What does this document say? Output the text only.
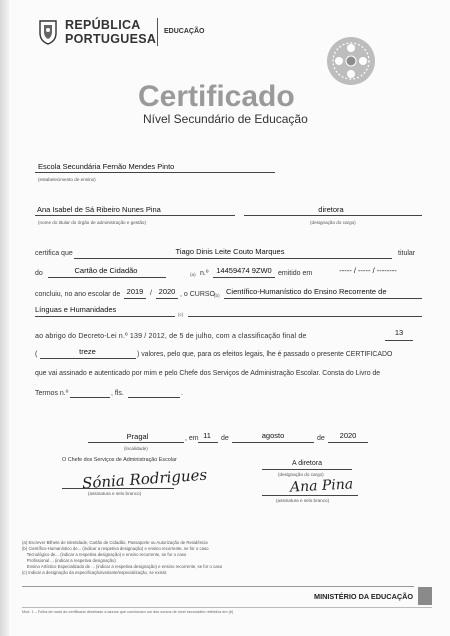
REPÚBLICA
PORTUGUESA
EDUCAÇÃO
Certificado
Nível Secundário de Educação
Escola Secundária Fernão Mendes Pinto
(estabelecimento de ensino)
Ana Isabel de Sá Ribeiro Nunes Pina
(nome do titular do órgão de administração e gestão)
diretora
(designação do cargo)
certifica que	Tiago Dinis Leite Couto Marques	titular
do	Cartão de Cidadão	(a) n.º	14459474 9ZW0 emitido em	----- / ----- / --------
concluiu, no ano escolar de 2019 / 2020 , o CURSO
(b) Científico-Humanístico do Ensino Recorrente de
Línguas e Humanidades
(c)
ao abrigo do Decreto-Lei n.º 139 / 2012, de 5 de julho, com a classificação final de	13
(	treze	) valores, pelo que, para os efeitos legais, lhe é passado o presente CERTIFICADO
que vai assinado e autenticado por mim e pelo Chefe dos Serviços de Administração Escolar. Consta do Livro de
Termos n.º	, fls.	.
Pragal
(localidade)
, em 11	de	agosto	de	2020
O Chefe dos Serviços de Administração Escolar
Sónia Rodrigues
(assinatura e selo branco)
A diretora
(designação do cargo)
Ana Pina
(assinatura e selo branco)
(a) Escrever Bilhete de Identidade, Cartão de Cidadão, Passaporte ou Autorização de Residência
(b) Científico-Humanístico de... (indicar a respetiva designação) e ensino recorrente, se for o caso
Tecnológico de... (indicar a respetiva designação) e ensino recorrente, se for o caso
Profissional ... (indicar a respetiva designação)
Ensino Artístico Especializado de ... (indicar a respetiva designação) e ensino recorrente, se for o caso
(c) Indicar a designação da especificação/variante/especialização, se existir.
MINISTÉRIO DA EDUCAÇÃO
Mod. 1 – Folha de rosto do certificado destinado a alunos que concluíram um dos cursos de nível secundário referidos em (b)
